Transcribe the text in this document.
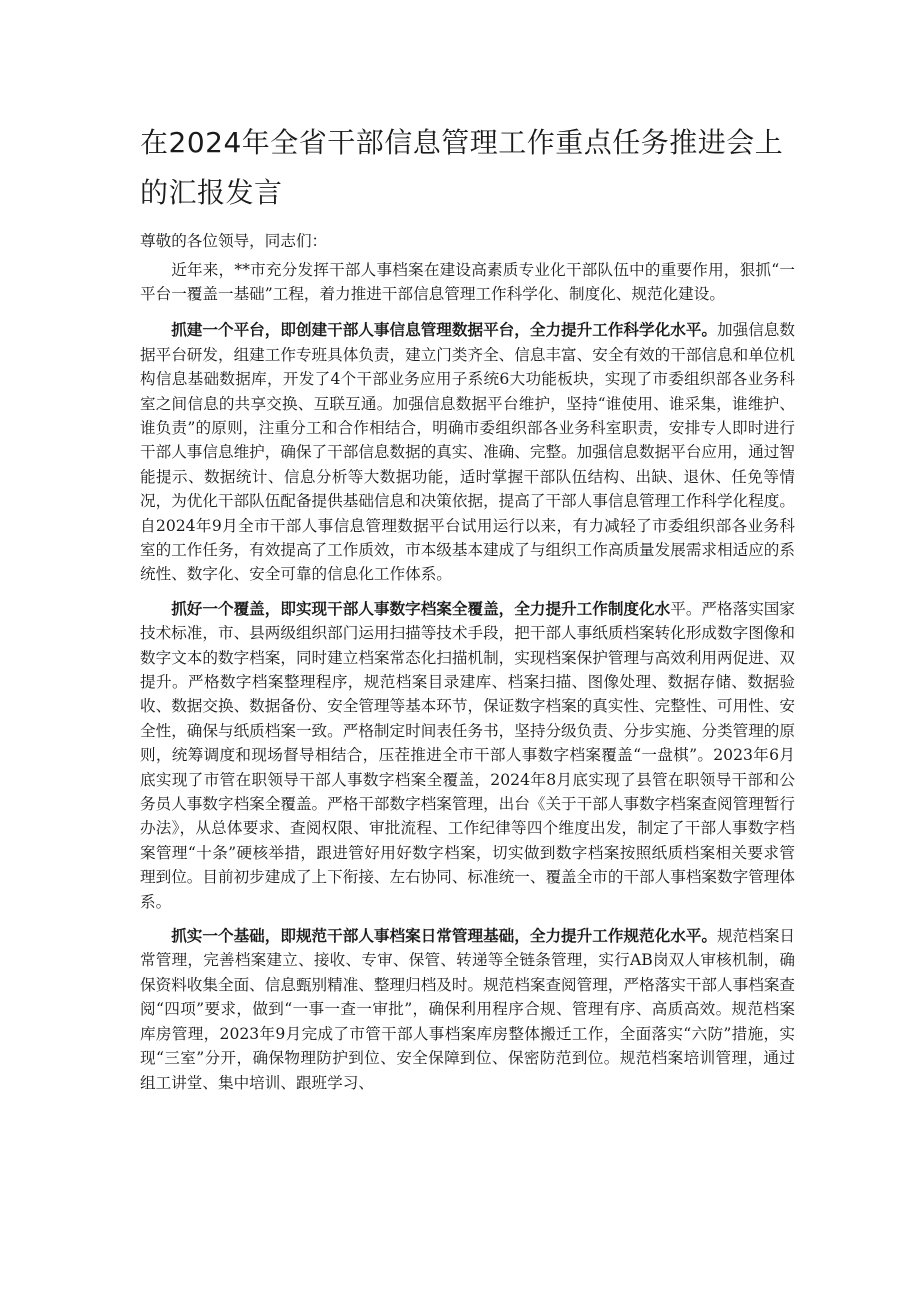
在2024年全省干部信息管理工作重点任务推进会上
的汇报发言

尊敬的各位领导，同志们：

近年来，**市充分发挥干部人事档案在建设高素质专业化干部队伍中的重要作用，狠抓“一平台一覆盖一基础”工程，着力推进干部信息管理工作科学化、制度化、规范化建设。

抓建一个平台，即创建干部人事信息管理数据平台，全力提升工作科学化水平。加强信息数据平台研发，组建工作专班具体负责，建立门类齐全、信息丰富、安全有效的干部信息和单位机构信息基础数据库，开发了4个干部业务应用子系统6大功能板块，实现了市委组织部各业务科室之间信息的共享交换、互联互通。加强信息数据平台维护，坚持“谁使用、谁采集，谁维护、谁负责”的原则，注重分工和合作相结合，明确市委组织部各业务科室职责，安排专人即时进行干部人事信息维护，确保了干部信息数据的真实、准确、完整。加强信息数据平台应用，通过智能提示、数据统计、信息分析等大数据功能，适时掌握干部队伍结构、出缺、退休、任免等情况，为优化干部队伍配备提供基础信息和决策依据，提高了干部人事信息管理工作科学化程度。自2024年9月全市干部人事信息管理数据平台试用运行以来，有力减轻了市委组织部各业务科室的工作任务，有效提高了工作质效，市本级基本建成了与组织工作高质量发展需求相适应的系统性、数字化、安全可靠的信息化工作体系。

抓好一个覆盖，即实现干部人事数字档案全覆盖，全力提升工作制度化水平。严格落实国家技术标准，市、县两级组织部门运用扫描等技术手段，把干部人事纸质档案转化形成数字图像和数字文本的数字档案，同时建立档案常态化扫描机制，实现档案保护管理与高效利用两促进、双提升。严格数字档案整理程序，规范档案目录建库、档案扫描、图像处理、数据存储、数据验收、数据交换、数据备份、安全管理等基本环节，保证数字档案的真实性、完整性、可用性、安全性，确保与纸质档案一致。严格制定时间表任务书，坚持分级负责、分步实施、分类管理的原则，统筹调度和现场督导相结合，压茬推进全市干部人事数字档案覆盖“一盘棋”。2023年6月底实现了市管在职领导干部人事数字档案全覆盖，2024年8月底实现了县管在职领导干部和公务员人事数字档案全覆盖。严格干部数字档案管理，出台《关于干部人事数字档案查阅管理暂行办法》，从总体要求、查阅权限、审批流程、工作纪律等四个维度出发，制定了干部人事数字档案管理“十条”硬核举措，跟进管好用好数字档案，切实做到数字档案按照纸质档案相关要求管理到位。目前初步建成了上下衔接、左右协同、标准统一、覆盖全市的干部人事档案数字管理体系。

抓实一个基础，即规范干部人事档案日常管理基础，全力提升工作规范化水平。规范档案日常管理，完善档案建立、接收、专审、保管、转递等全链条管理，实行AB岗双人审核机制，确保资料收集全面、信息甄别精准、整理归档及时。规范档案查阅管理，严格落实干部人事档案查阅“四项”要求，做到“一事一查一审批”，确保利用程序合规、管理有序、高质高效。规范档案库房管理，2023年9月完成了市管干部人事档案库房整体搬迁工作，全面落实“六防”措施，实现“三室”分开，确保物理防护到位、安全保障到位、保密防范到位。规范档案培训管理，通过组工讲堂、集中培训、跟班学习、
